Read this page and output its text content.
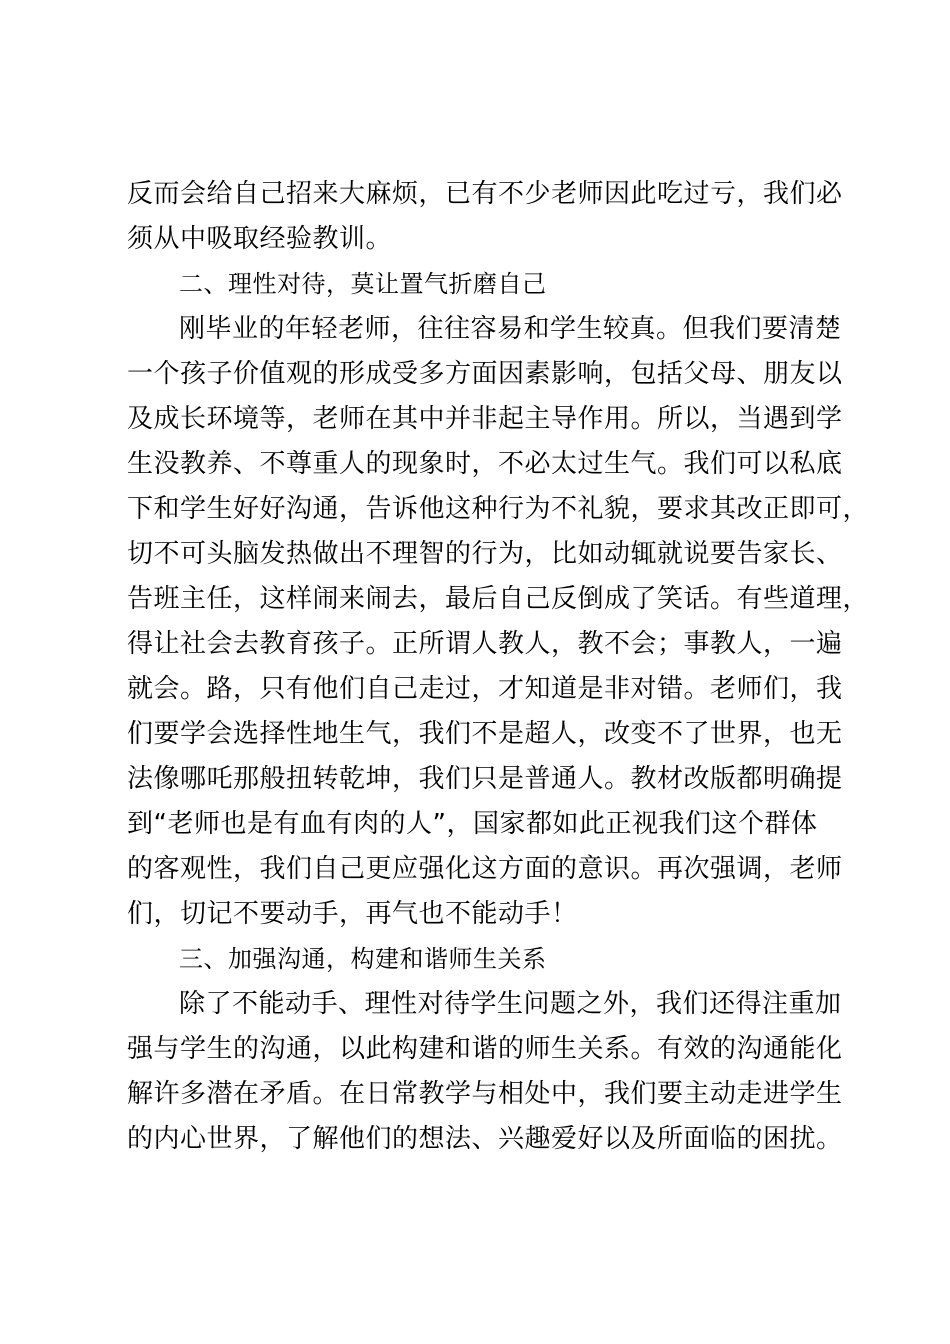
反而会给自己招来大麻烦，已有不少老师因此吃过亏，我们必
须从中吸取经验教训。
二、理性对待，莫让置气折磨自己
刚毕业的年轻老师，往往容易和学生较真。但我们要清楚
一个孩子价值观的形成受多方面因素影响，包括父母、朋友以
及成长环境等，老师在其中并非起主导作用。所以，当遇到学
生没教养、不尊重人的现象时，不必太过生气。我们可以私底
下和学生好好沟通，告诉他这种行为不礼貌，要求其改正即可，
切不可头脑发热做出不理智的行为，比如动辄就说要告家长、
告班主任，这样闹来闹去，最后自己反倒成了笑话。有些道理，
得让社会去教育孩子。正所谓人教人，教不会；事教人，一遍
就会。路，只有他们自己走过，才知道是非对错。老师们，我
们要学会选择性地生气，我们不是超人，改变不了世界，也无
法像哪吒那般扭转乾坤，我们只是普通人。教材改版都明确提
到“老师也是有血有肉的人”，国家都如此正视我们这个群体
的客观性，我们自己更应强化这方面的意识。再次强调，老师
们，切记不要动手，再气也不能动手！
三、加强沟通，构建和谐师生关系
除了不能动手、理性对待学生问题之外，我们还得注重加
强与学生的沟通，以此构建和谐的师生关系。有效的沟通能化
解许多潜在矛盾。在日常教学与相处中，我们要主动走进学生
的内心世界，了解他们的想法、兴趣爱好以及所面临的困扰。
